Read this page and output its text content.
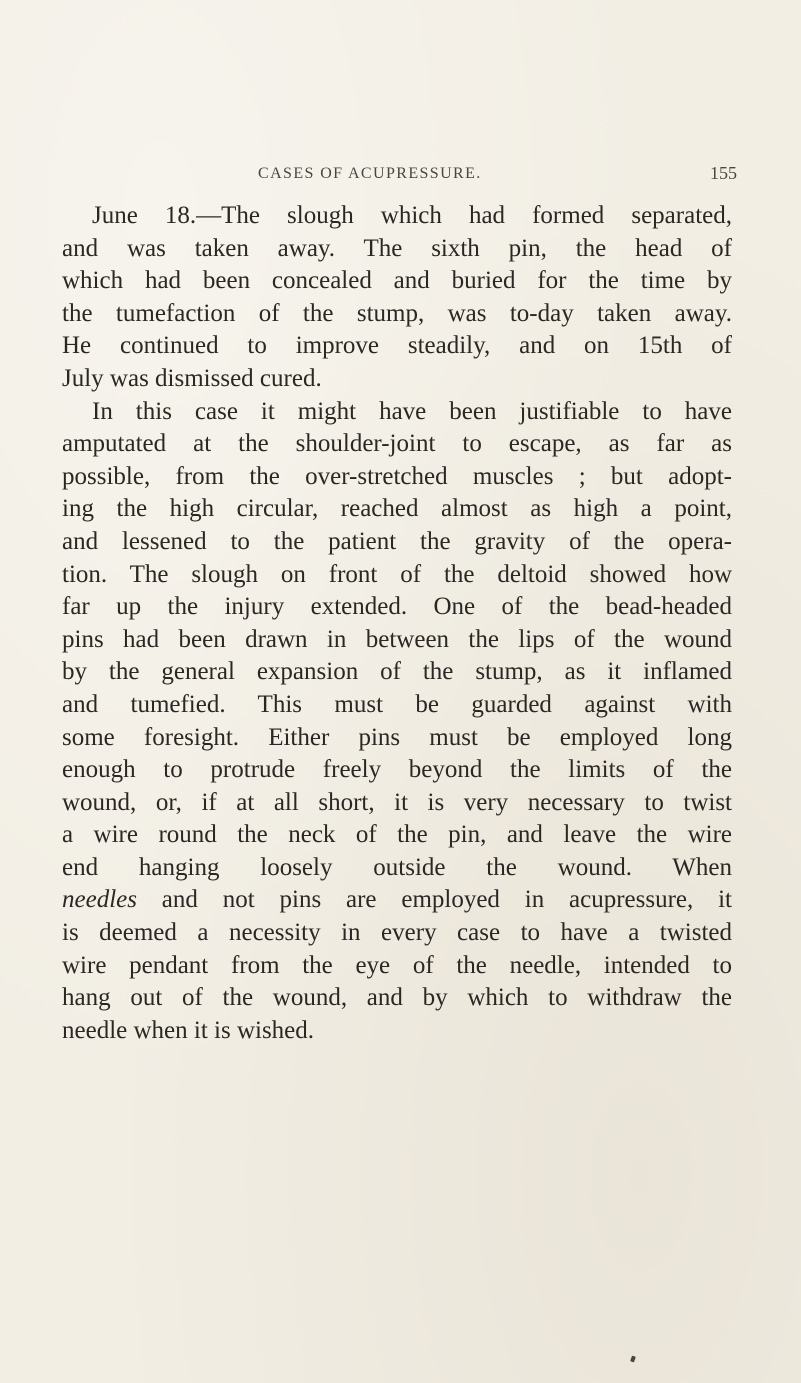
CASES OF ACUPRESSURE.	155
June 18.—The slough which had formed separated,
and was taken away. The sixth pin, the head of
which had been concealed and buried for the time by
the tumefaction of the stump, was to-day taken away.
He continued to improve steadily, and on 15th of
July was dismissed cured.
In this case it might have been justifiable to have
amputated at the shoulder-joint to escape, as far as
possible, from the over-stretched muscles ; but adopt-
ing the high circular, reached almost as high a point,
and lessened to the patient the gravity of the opera-
tion. The slough on front of the deltoid showed how
far up the injury extended. One of the bead-headed
pins had been drawn in between the lips of the wound
by the general expansion of the stump, as it inflamed
and tumefied. This must be guarded against with
some foresight. Either pins must be employed long
enough to protrude freely beyond the limits of the
wound, or, if at all short, it is very necessary to twist
a wire round the neck of the pin, and leave the wire
end hanging loosely outside the wound. When
needles and not pins are employed in acupressure, it
is deemed a necessity in every case to have a twisted
wire pendant from the eye of the needle, intended to
hang out of the wound, and by which to withdraw the
needle when it is wished.
